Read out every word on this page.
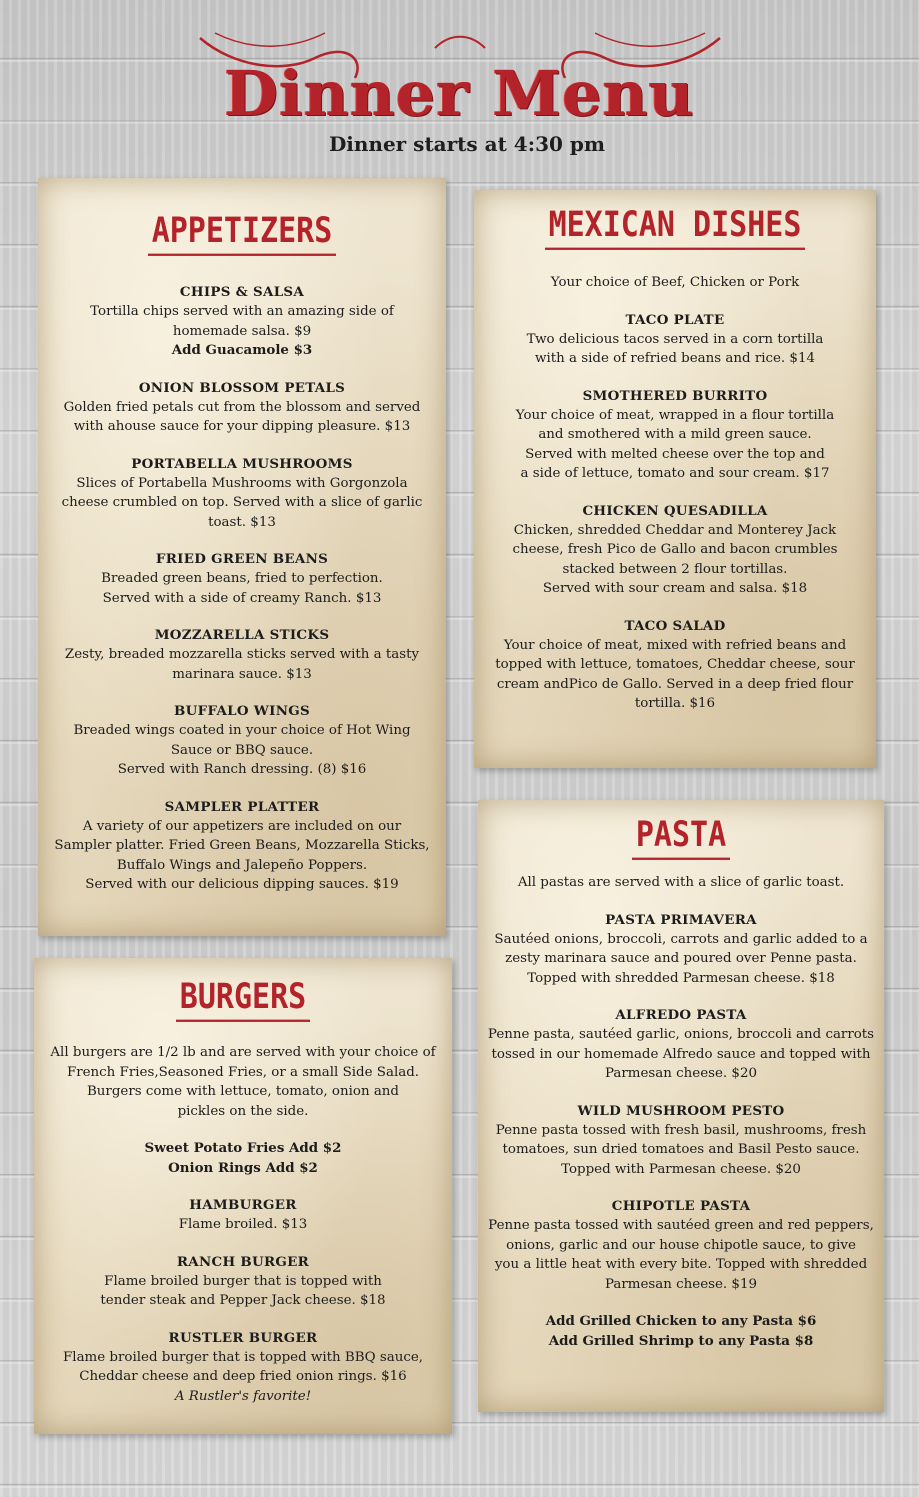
Dinner Menu
Dinner starts at 4:30 pm
APPETIZERS
CHIPS & SALSA
Tortilla chips served with an amazing side of
homemade salsa. $9
Add Guacamole $3
ONION BLOSSOM PETALS
Golden fried petals cut from the blossom and served
with ahouse sauce for your dipping pleasure. $13
PORTABELLA MUSHROOMS
Slices of Portabella Mushrooms with Gorgonzola
cheese crumbled on top. Served with a slice of garlic
toast. $13
FRIED GREEN BEANS
Breaded green beans, fried to perfection.
Served with a side of creamy Ranch. $13
MOZZARELLA STICKS
Zesty, breaded mozzarella sticks served with a tasty
marinara sauce. $13
BUFFALO WINGS
Breaded wings coated in your choice of Hot Wing
Sauce or BBQ sauce.
Served with Ranch dressing. (8) $16
SAMPLER PLATTER
A variety of our appetizers are included on our
Sampler platter. Fried Green Beans, Mozzarella Sticks,
Buffalo Wings and Jalepeño Poppers.
Served with our delicious dipping sauces. $19
BURGERS
All burgers are 1/2 lb and are served with your choice of
French Fries,Seasoned Fries, or a small Side Salad.
Burgers come with lettuce, tomato, onion and
pickles on the side.
Sweet Potato Fries Add $2
Onion Rings Add $2
HAMBURGER
Flame broiled. $13
RANCH BURGER
Flame broiled burger that is topped with
tender steak and Pepper Jack cheese. $18
RUSTLER BURGER
Flame broiled burger that is topped with BBQ sauce,
Cheddar cheese and deep fried onion rings. $16
A Rustler's favorite!
MEXICAN DISHES
Your choice of Beef, Chicken or Pork
TACO PLATE
Two delicious tacos served in a corn tortilla
with a side of refried beans and rice. $14
SMOTHERED BURRITO
Your choice of meat, wrapped in a flour tortilla
and smothered with a mild green sauce.
Served with melted cheese over the top and
a side of lettuce, tomato and sour cream. $17
CHICKEN QUESADILLA
Chicken, shredded Cheddar and Monterey Jack
cheese, fresh Pico de Gallo and bacon crumbles
stacked between 2 flour tortillas.
Served with sour cream and salsa. $18
TACO SALAD
Your choice of meat, mixed with refried beans and
topped with lettuce, tomatoes, Cheddar cheese, sour
cream andPico de Gallo. Served in a deep fried flour
tortilla. $16
PASTA
All pastas are served with a slice of garlic toast.
PASTA PRIMAVERA
Sautéed onions, broccoli, carrots and garlic added to a
zesty marinara sauce and poured over Penne pasta.
Topped with shredded Parmesan cheese. $18
ALFREDO PASTA
Penne pasta, sautéed garlic, onions, broccoli and carrots
tossed in our homemade Alfredo sauce and topped with
Parmesan cheese. $20
WILD MUSHROOM PESTO
Penne pasta tossed with fresh basil, mushrooms, fresh
tomatoes, sun dried tomatoes and Basil Pesto sauce.
Topped with Parmesan cheese. $20
CHIPOTLE PASTA
Penne pasta tossed with sautéed green and red peppers,
onions, garlic and our house chipotle sauce, to give
you a little heat with every bite. Topped with shredded
Parmesan cheese. $19
Add Grilled Chicken to any Pasta $6
Add Grilled Shrimp to any Pasta $8
